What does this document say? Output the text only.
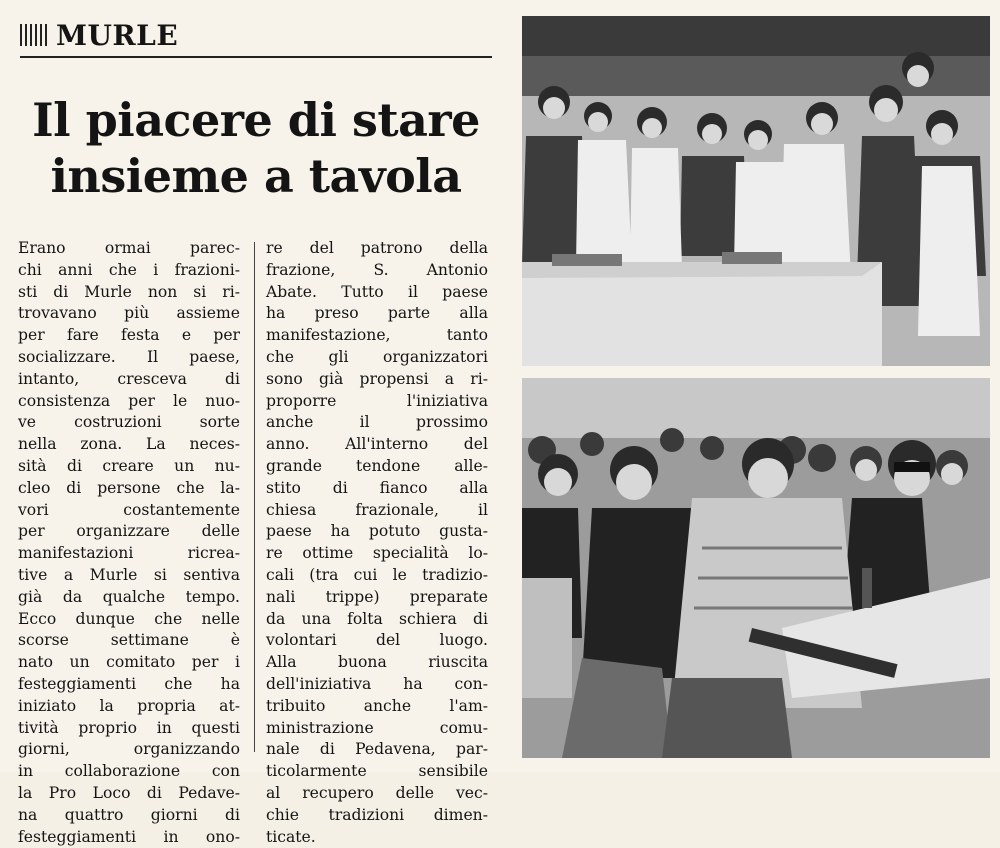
MURLE
Il piacere di stare
insieme a tavola
Erano ormai parec-
chi anni che i frazioni-
sti di Murle non si ri-
trovavano più assieme
per fare festa e per
socializzare. Il paese,
intanto, cresceva di
consistenza per le nuo-
ve costruzioni sorte
nella zona. La neces-
sità di creare un nu-
cleo di persone che la-
vori costantemente
per organizzare delle
manifestazioni ricrea-
tive a Murle si sentiva
già da qualche tempo.
Ecco dunque che nelle
scorse settimane è
nato un comitato per i
festeggiamenti che ha
iniziato la propria at-
tività proprio in questi
giorni, organizzando
in collaborazione con
la Pro Loco di Pedave-
na quattro giorni di
festeggiamenti in ono-
re del patrono della
frazione, S. Antonio
Abate. Tutto il paese
ha preso parte alla
manifestazione, tanto
che gli organizzatori
sono già propensi a ri-
proporre l'iniziativa
anche il prossimo
anno. All'interno del
grande tendone alle-
stito di fianco alla
chiesa frazionale, il
paese ha potuto gusta-
re ottime specialità lo-
cali (tra cui le tradizio-
nali trippe) preparate
da una folta schiera di
volontari del luogo.
Alla buona riuscita
dell'iniziativa ha con-
tribuito anche l'am-
ministrazione comu-
nale di Pedavena, par-
ticolarmente sensibile
al recupero delle vec-
chie tradizioni dimen-
ticate.
